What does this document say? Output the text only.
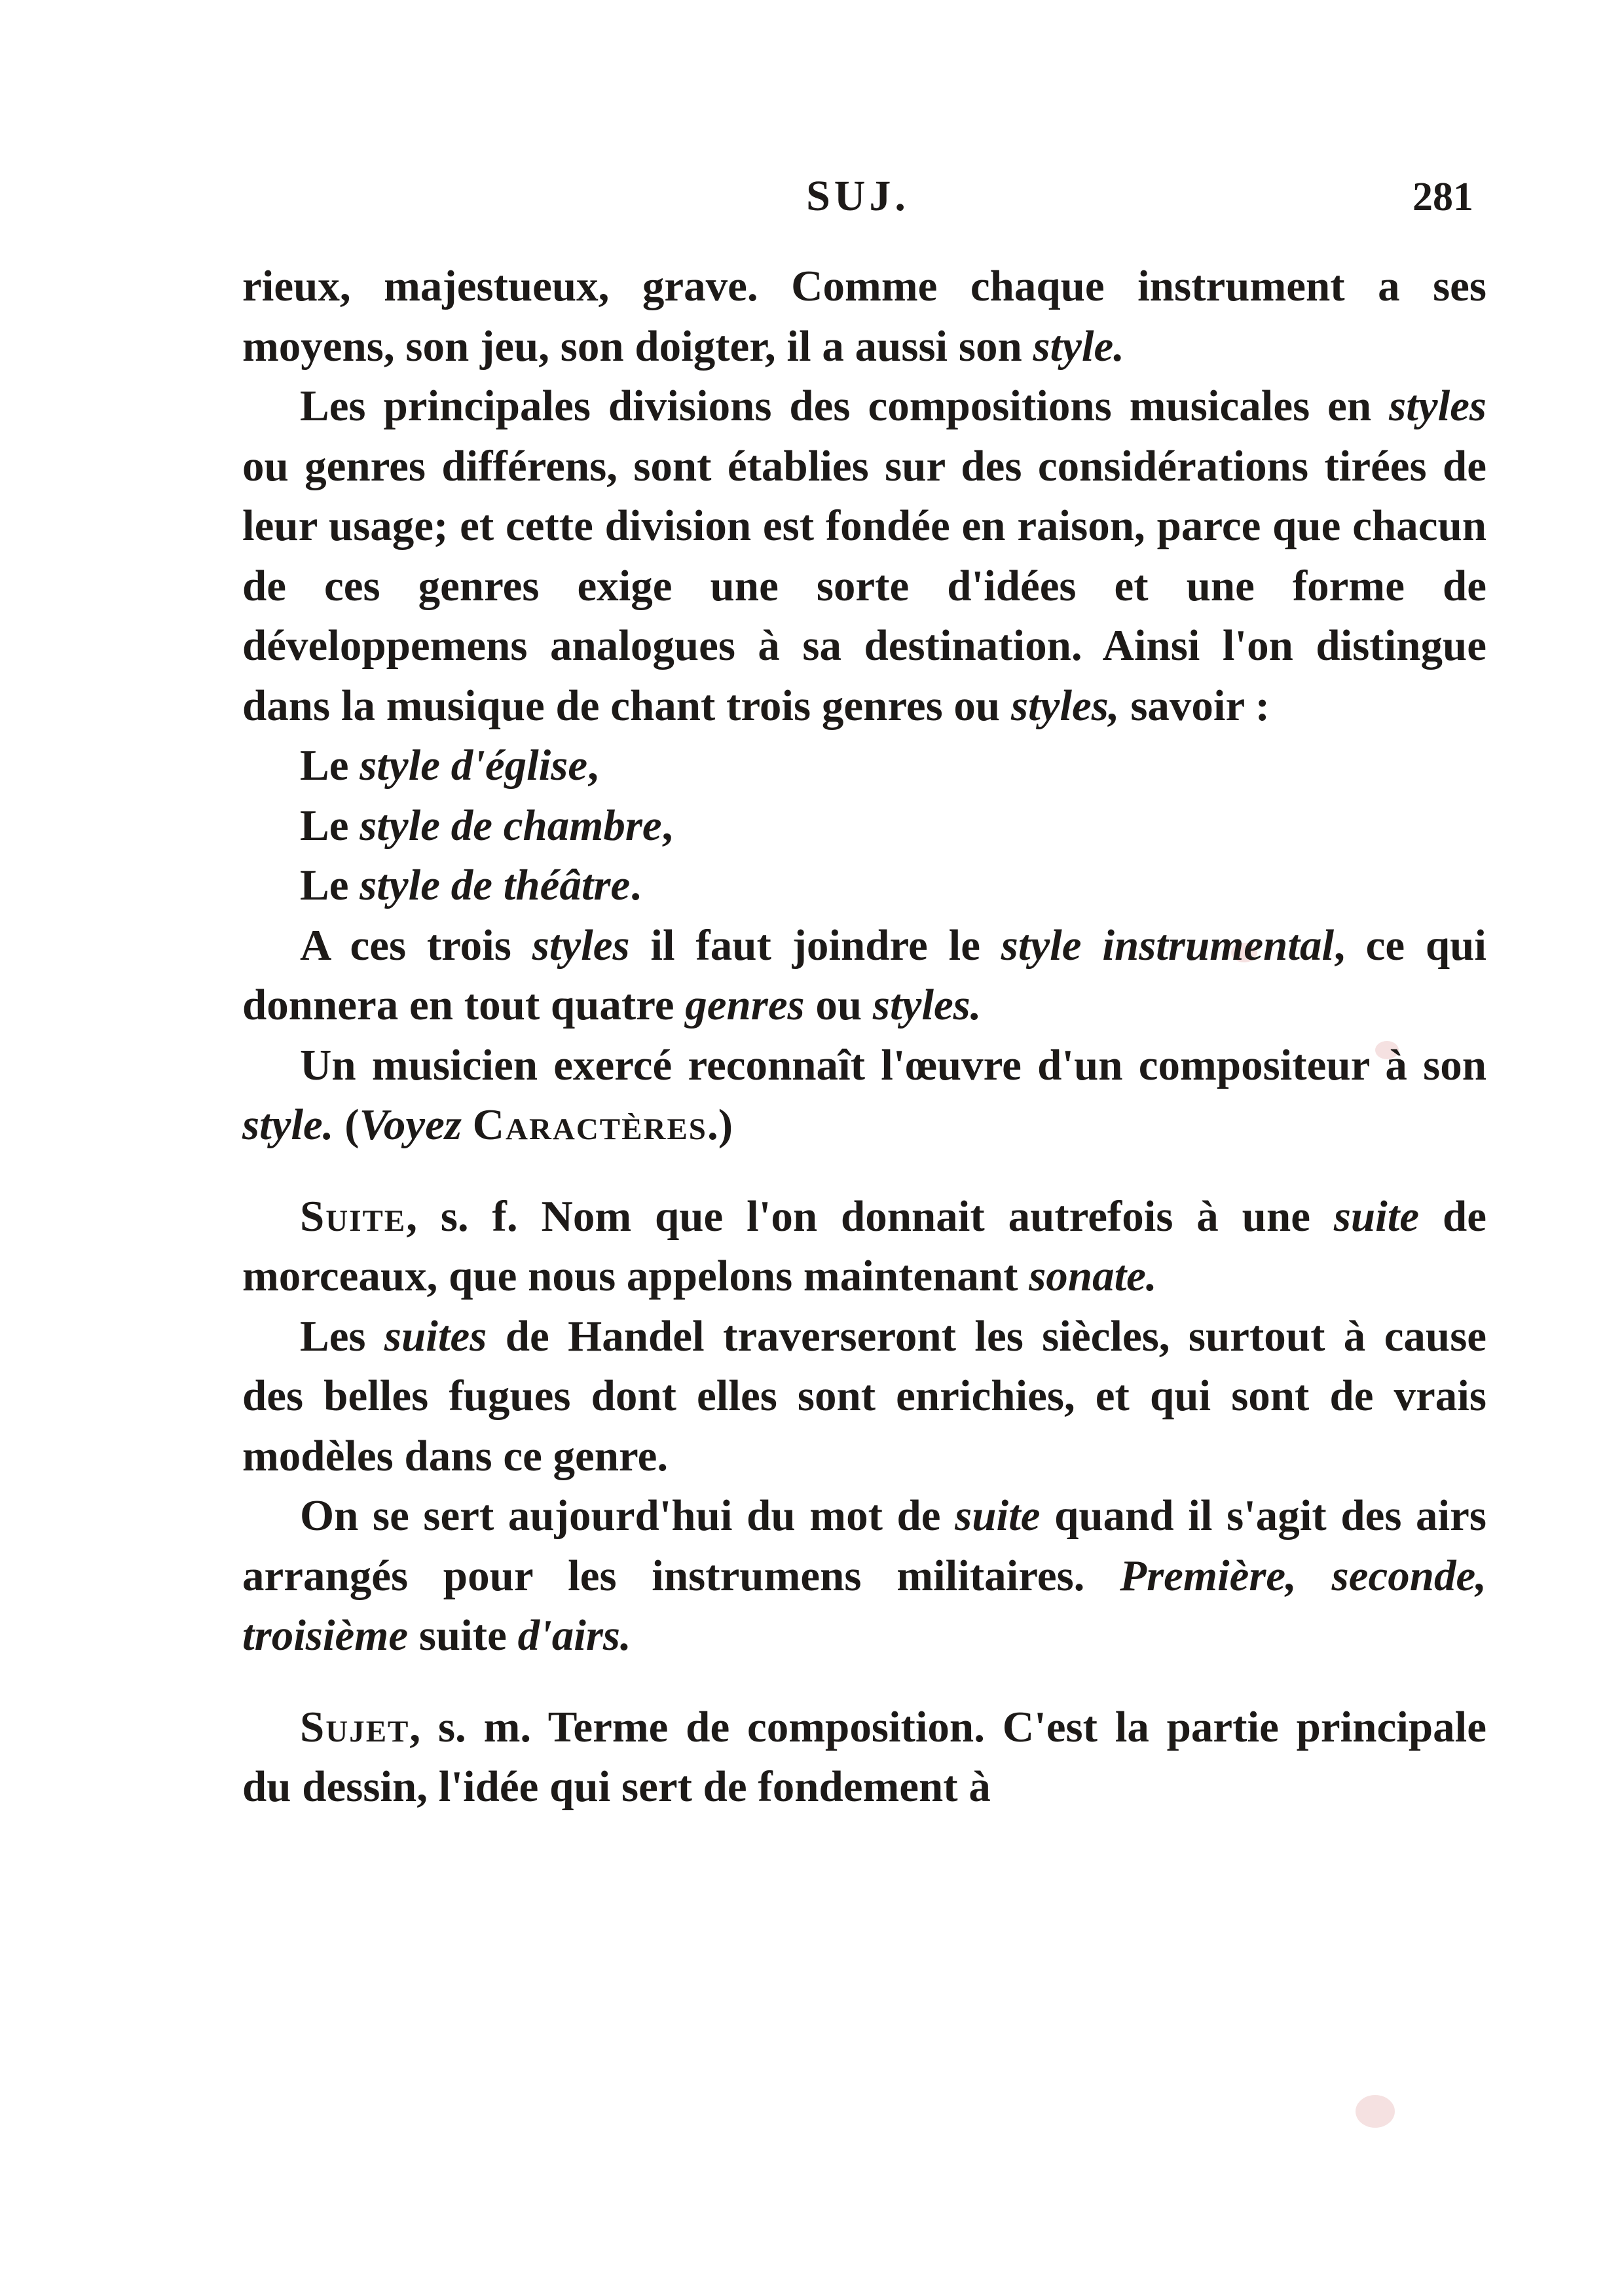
SUJ.	281

rieux, majestueux, grave. Comme chaque instrument a ses moyens, son jeu, son doigter, il a aussi son style.

Les principales divisions des compositions musicales en styles ou genres différens, sont établies sur des considérations tirées de leur usage; et cette division est fondée en raison, parce que chacun de ces genres exige une sorte d'idées et une forme de développemens analogues à sa destination. Ainsi l'on distingue dans la musique de chant trois genres ou styles, savoir :

Le style d'église,

Le style de chambre,

Le style de théâtre.

A ces trois styles il faut joindre le style instrumental, ce qui donnera en tout quatre genres ou styles.

Un musicien exercé reconnaît l'œuvre d'un compositeur à son style. (Voyez Caractères.)

Suite, s. f. Nom que l'on donnait autrefois à une suite de morceaux, que nous appelons maintenant sonate.

Les suites de Handel traverseront les siècles, surtout à cause des belles fugues dont elles sont enrichies, et qui sont de vrais modèles dans ce genre.

On se sert aujourd'hui du mot de suite quand il s'agit des airs arrangés pour les instrumens militaires. Première, seconde, troisième suite d'airs.

Sujet, s. m. Terme de composition. C'est la partie principale du dessin, l'idée qui sert de fondement à
